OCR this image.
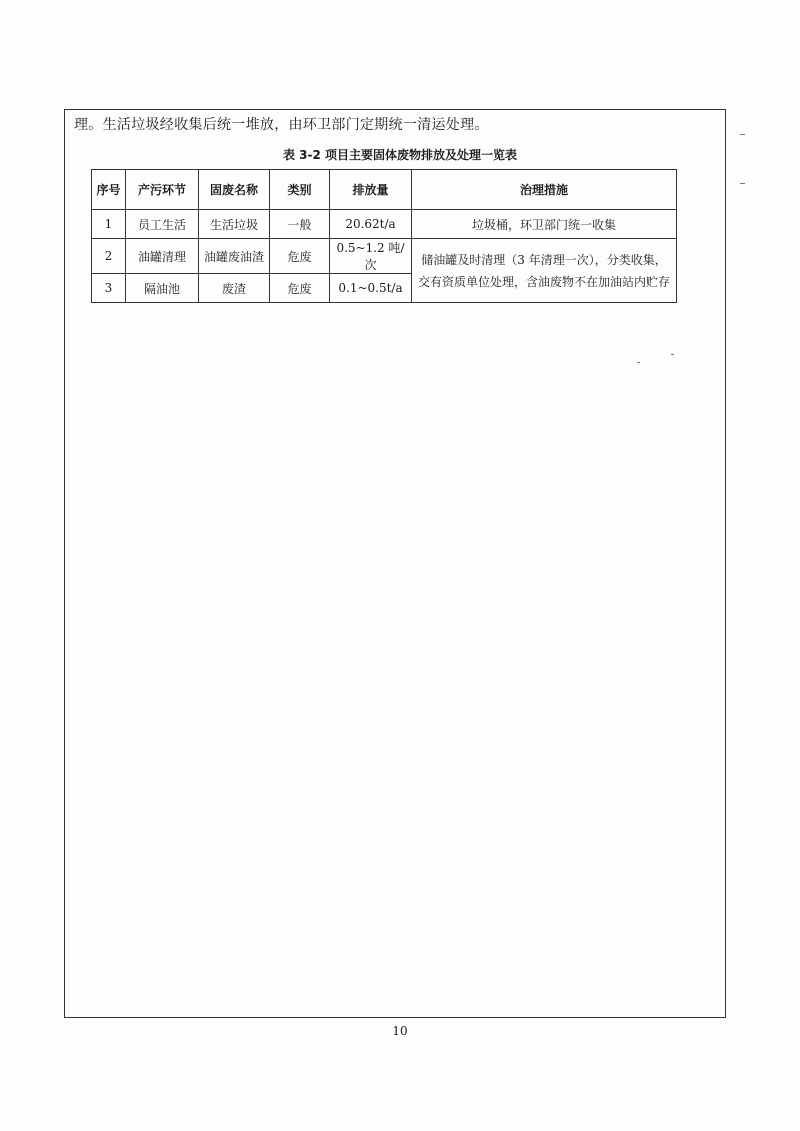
理。生活垃圾经收集后统一堆放，由环卫部门定期统一清运处理。
表 3-2 项目主要固体废物排放及处理一览表
序号	产污环节	固废名称	类别	排放量	治理措施
1	员工生活	生活垃圾	一般	20.62t/a	垃圾桶，环卫部门统一收集
2	油罐清理	油罐废油渣	危废	0.5~1.2 吨/次	储油罐及时清理（3 年清理一次），分类收集，交有资质单位处理，含油废物不在加油站内贮存
3	隔油池	废渣	危废	0.1~0.5t/a	
10
